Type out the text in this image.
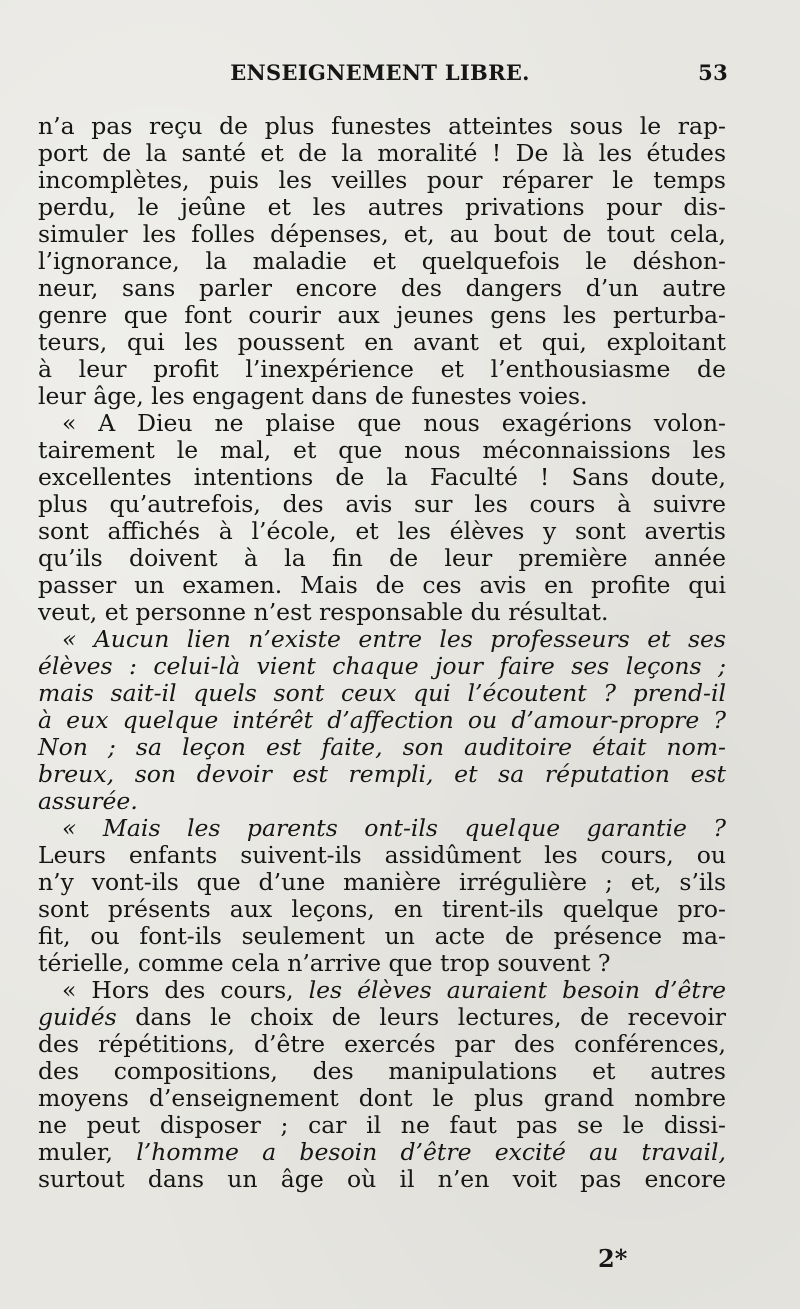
ENSEIGNEMENT LIBRE.	53
n’a pas reçu de plus funestes atteintes sous le rap-
port de la santé et de la moralité ! De là les études
incomplètes, puis les veilles pour réparer le temps
perdu, le jeûne et les autres privations pour dis-
simuler les folles dépenses, et, au bout de tout cela,
l’ignorance, la maladie et quelquefois le déshon-
neur, sans parler encore des dangers d’un autre
genre que font courir aux jeunes gens les perturba-
teurs, qui les poussent en avant et qui, exploitant
à leur profit l’inexpérience et l’enthousiasme de
leur âge, les engagent dans de funestes voies.
« A Dieu ne plaise que nous exagérions volon-
tairement le mal, et que nous méconnaissions les
excellentes intentions de la Faculté ! Sans doute,
plus qu’autrefois, des avis sur les cours à suivre
sont affichés à l’école, et les élèves y sont avertis
qu’ils doivent à la fin de leur première année
passer un examen. Mais de ces avis en profite qui
veut, et personne n’est responsable du résultat.
« Aucun lien n’existe entre les professeurs et ses
élèves : celui-là vient chaque jour faire ses leçons ;
mais sait-il quels sont ceux qui l’écoutent ? prend-il
à eux quelque intérêt d’affection ou d’amour-propre ?
Non ; sa leçon est faite, son auditoire était nom-
breux, son devoir est rempli, et sa réputation est
assurée.
« Mais les parents ont-ils quelque garantie ?
Leurs enfants suivent-ils assidûment les cours, ou
n’y vont-ils que d’une manière irrégulière ; et, s’ils
sont présents aux leçons, en tirent-ils quelque pro-
fit, ou font-ils seulement un acte de présence ma-
térielle, comme cela n’arrive que trop souvent ?
« Hors des cours, les élèves auraient besoin d’être
guidés dans le choix de leurs lectures, de recevoir
des répétitions, d’être exercés par des conférences,
des compositions, des manipulations et autres
moyens d’enseignement dont le plus grand nombre
ne peut disposer ; car il ne faut pas se le dissi-
muler, l’homme a besoin d’être excité au travail,
surtout dans un âge où il n’en voit pas encore
2*
